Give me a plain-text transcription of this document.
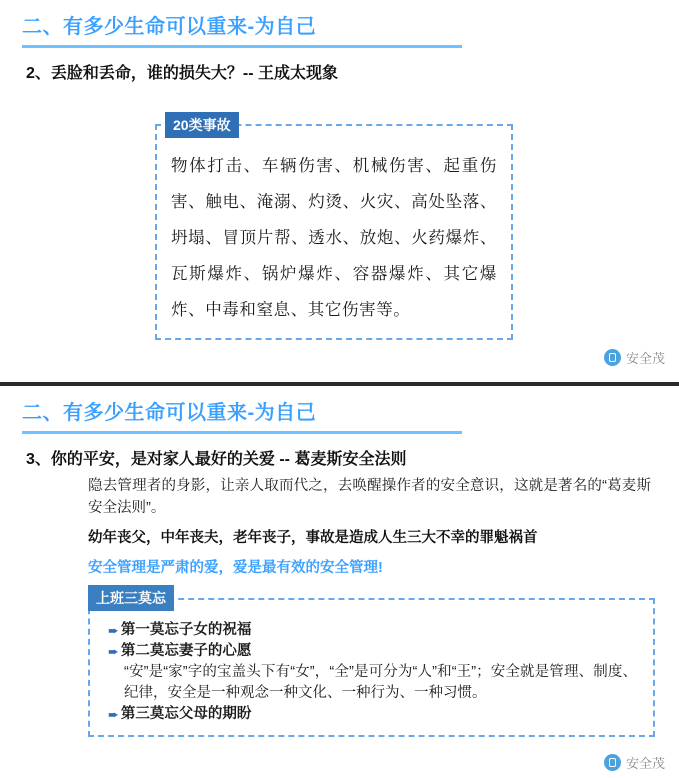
二、有多少生命可以重来-为自己
2、丢脸和丢命，谁的损失大？-- 王成太现象
20类事故

物体打击、车辆伤害、机械伤害、起重伤害、触电、淹溺、灼烫、火灾、高处坠落、坍塌、冒顶片帮、透水、放炮、火药爆炸、瓦斯爆炸、锅炉爆炸、容器爆炸、其它爆炸、中毒和窒息、其它伤害等。

安全茂
二、有多少生命可以重来-为自己
3、你的平安，是对家人最好的关爱 -- 葛麦斯安全法则
隐去管理者的身影，让亲人取而代之，去唤醒操作者的安全意识，这就是著名的“葛麦斯安全法则”。
幼年丧父，中年丧夫，老年丧子，事故是造成人生三大不幸的罪魁祸首
安全管理是严肃的爱，爱是最有效的安全管理!
上班三莫忘
➨ 第一莫忘子女的祝福
➨ 第二莫忘妻子的心愿
“安”是“家”字的宝盖头下有“女”，“全”是可分为“人”和“王”；安全就是管理、制度、纪律，安全是一种观念一种文化、一种行为、一种习惯。
➨ 第三莫忘父母的期盼
安全茂
